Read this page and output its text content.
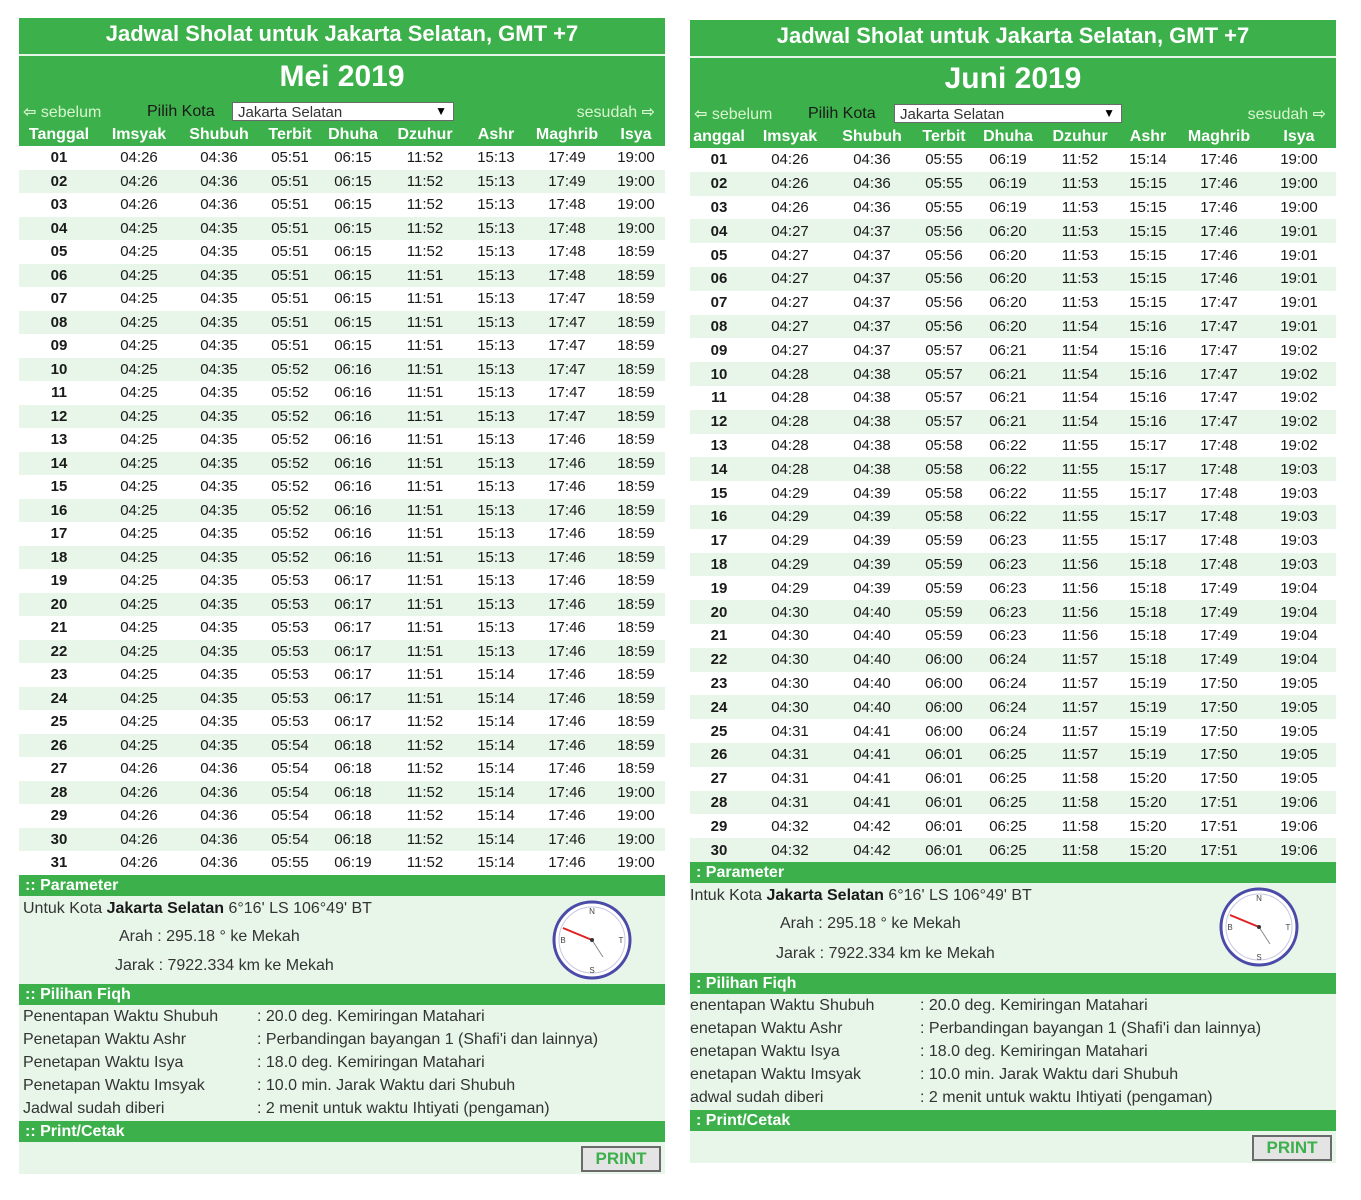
Jadwal Sholat untuk Jakarta Selatan, GMT +7
Mei 2019
⇦ sebelum	Pilih Kota	Jakarta Selatan	▼	sesudah ⇨
Tanggal	Imsyak	Shubuh	Terbit	Dhuha	Dzuhur	Ashr	Maghrib	Isya
01	04:26	04:36	05:51	06:15	11:52	15:13	17:49	19:00
02	04:26	04:36	05:51	06:15	11:52	15:13	17:49	19:00
03	04:26	04:36	05:51	06:15	11:52	15:13	17:48	19:00
04	04:25	04:35	05:51	06:15	11:52	15:13	17:48	19:00
05	04:25	04:35	05:51	06:15	11:52	15:13	17:48	18:59
06	04:25	04:35	05:51	06:15	11:51	15:13	17:48	18:59
07	04:25	04:35	05:51	06:15	11:51	15:13	17:47	18:59
08	04:25	04:35	05:51	06:15	11:51	15:13	17:47	18:59
09	04:25	04:35	05:51	06:15	11:51	15:13	17:47	18:59
10	04:25	04:35	05:52	06:16	11:51	15:13	17:47	18:59
11	04:25	04:35	05:52	06:16	11:51	15:13	17:47	18:59
12	04:25	04:35	05:52	06:16	11:51	15:13	17:47	18:59
13	04:25	04:35	05:52	06:16	11:51	15:13	17:46	18:59
14	04:25	04:35	05:52	06:16	11:51	15:13	17:46	18:59
15	04:25	04:35	05:52	06:16	11:51	15:13	17:46	18:59
16	04:25	04:35	05:52	06:16	11:51	15:13	17:46	18:59
17	04:25	04:35	05:52	06:16	11:51	15:13	17:46	18:59
18	04:25	04:35	05:52	06:16	11:51	15:13	17:46	18:59
19	04:25	04:35	05:53	06:17	11:51	15:13	17:46	18:59
20	04:25	04:35	05:53	06:17	11:51	15:13	17:46	18:59
21	04:25	04:35	05:53	06:17	11:51	15:13	17:46	18:59
22	04:25	04:35	05:53	06:17	11:51	15:13	17:46	18:59
23	04:25	04:35	05:53	06:17	11:51	15:14	17:46	18:59
24	04:25	04:35	05:53	06:17	11:51	15:14	17:46	18:59
25	04:25	04:35	05:53	06:17	11:52	15:14	17:46	18:59
26	04:25	04:35	05:54	06:18	11:52	15:14	17:46	18:59
27	04:26	04:36	05:54	06:18	11:52	15:14	17:46	18:59
28	04:26	04:36	05:54	06:18	11:52	15:14	17:46	19:00
29	04:26	04:36	05:54	06:18	11:52	15:14	17:46	19:00
30	04:26	04:36	05:54	06:18	11:52	15:14	17:46	19:00
31	04:26	04:36	05:55	06:19	11:52	15:14	17:46	19:00
:: Parameter
Untuk Kota Jakarta Selatan 6°16' LS 106°49' BT
Arah : 295.18 ° ke Mekah
Jarak : 7922.334 km ke Mekah
N
T
S
B
:: Pilihan Fiqh
Penentapan Waktu Shubuh : 20.0 deg. Kemiringan Matahari
Penetapan Waktu Ashr	: Perbandingan bayangan 1 (Shafi'i dan lainnya)
Penetapan Waktu Isya	: 18.0 deg. Kemiringan Matahari
Penetapan Waktu Imsyak	: 10.0 min. Jarak Waktu dari Shubuh
Jadwal sudah diberi	: 2 menit untuk waktu Ihtiyati (pengaman)
:: Print/Cetak
PRINT
Jadwal Sholat untuk Jakarta Selatan, GMT +7
Juni 2019
⇦ sebelum Pilih Kota	Jakarta Selatan	▼	sesudah ⇨
anggal	Imsyak	Shubuh	Terbit	Dhuha	Dzuhur	Ashr	Maghrib	Isya
01	04:26	04:36	05:55	06:19	11:52	15:14	17:46	19:00
02	04:26	04:36	05:55	06:19	11:53	15:15	17:46	19:00
03	04:26	04:36	05:55	06:19	11:53	15:15	17:46	19:00
04	04:27	04:37	05:56	06:20	11:53	15:15	17:46	19:01
05	04:27	04:37	05:56	06:20	11:53	15:15	17:46	19:01
06	04:27	04:37	05:56	06:20	11:53	15:15	17:46	19:01
07	04:27	04:37	05:56	06:20	11:53	15:15	17:47	19:01
08	04:27	04:37	05:56	06:20	11:54	15:16	17:47	19:01
09	04:27	04:37	05:57	06:21	11:54	15:16	17:47	19:02
10	04:28	04:38	05:57	06:21	11:54	15:16	17:47	19:02
11	04:28	04:38	05:57	06:21	11:54	15:16	17:47	19:02
12	04:28	04:38	05:57	06:21	11:54	15:16	17:47	19:02
13	04:28	04:38	05:58	06:22	11:55	15:17	17:48	19:02
14	04:28	04:38	05:58	06:22	11:55	15:17	17:48	19:03
15	04:29	04:39	05:58	06:22	11:55	15:17	17:48	19:03
16	04:29	04:39	05:58	06:22	11:55	15:17	17:48	19:03
17	04:29	04:39	05:59	06:23	11:55	15:17	17:48	19:03
18	04:29	04:39	05:59	06:23	11:56	15:18	17:48	19:03
19	04:29	04:39	05:59	06:23	11:56	15:18	17:49	19:04
20	04:30	04:40	05:59	06:23	11:56	15:18	17:49	19:04
21	04:30	04:40	05:59	06:23	11:56	15:18	17:49	19:04
22	04:30	04:40	06:00	06:24	11:57	15:18	17:49	19:04
23	04:30	04:40	06:00	06:24	11:57	15:19	17:50	19:05
24	04:30	04:40	06:00	06:24	11:57	15:19	17:50	19:05
25	04:31	04:41	06:00	06:24	11:57	15:19	17:50	19:05
26	04:31	04:41	06:01	06:25	11:57	15:19	17:50	19:05
27	04:31	04:41	06:01	06:25	11:58	15:20	17:50	19:05
28	04:31	04:41	06:01	06:25	11:58	15:20	17:51	19:06
29	04:32	04:42	06:01	06:25	11:58	15:20	17:51	19:06
30	04:32	04:42	06:01	06:25	11:58	15:20	17:51	19:06
: Parameter
Intuk Kota Jakarta Selatan 6°16' LS 106°49' BT
Arah : 295.18 ° ke Mekah
Jarak : 7922.334 km ke Mekah
N
T
S
B
: Pilihan Fiqh
enentapan Waktu Shubuh	: 20.0 deg. Kemiringan Matahari
enetapan Waktu Ashr	: Perbandingan bayangan 1 (Shafi'i dan lainnya)
enetapan Waktu Isya	: 18.0 deg. Kemiringan Matahari
enetapan Waktu Imsyak	: 10.0 min. Jarak Waktu dari Shubuh
adwal sudah diberi	: 2 menit untuk waktu Ihtiyati (pengaman)
: Print/Cetak
PRINT
